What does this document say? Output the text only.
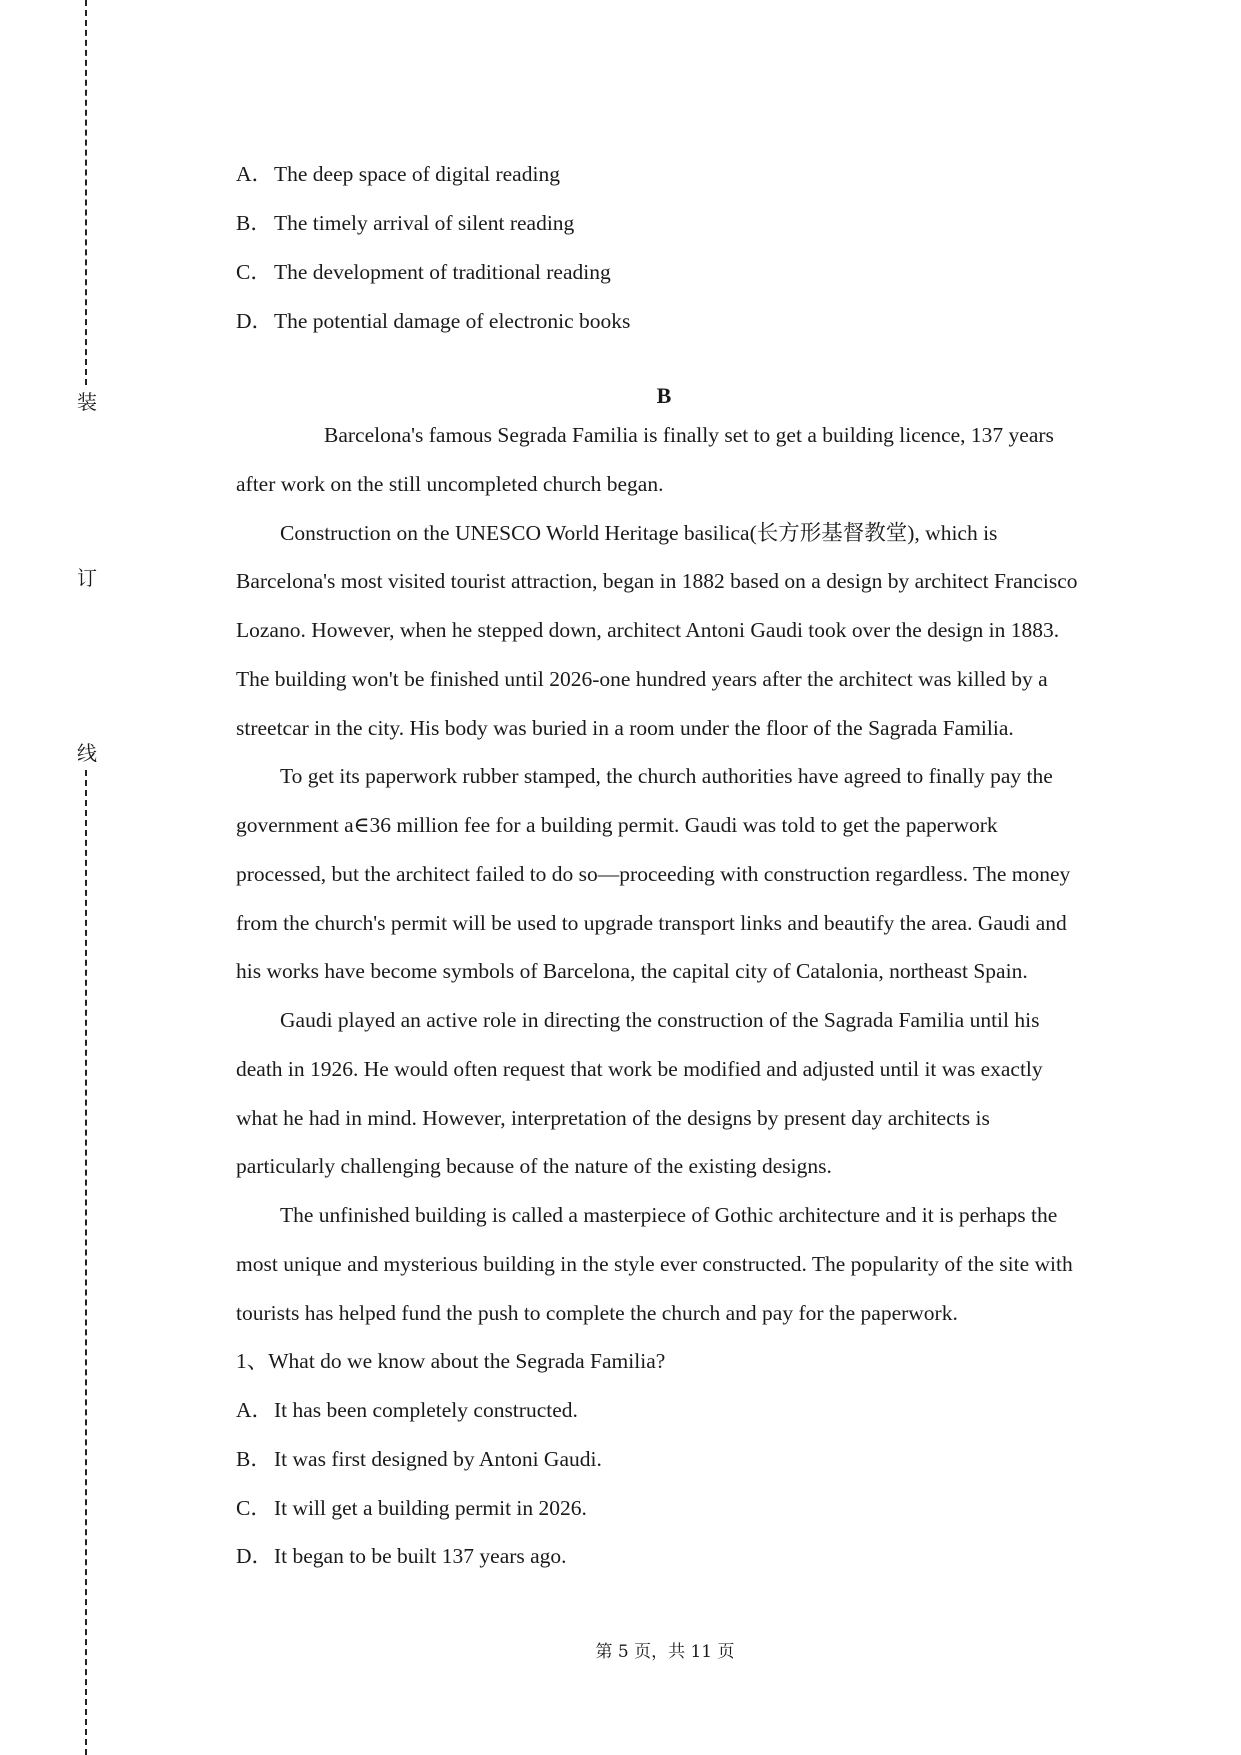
装
订
线
A．The deep space of digital reading
B． The timely arrival of silent reading
C． The development of traditional reading
D．The potential damage of electronic books
B
Barcelona's famous Segrada Familia is finally set to get a building licence, 137 years
after work on the still uncompleted church began.
Construction on the UNESCO World Heritage basilica(长方形基督教堂), which is
Barcelona's most visited tourist attraction, began in 1882 based on a design by architect Francisco
Lozano. However, when he stepped down, architect Antoni Gaudi took over the design in 1883.
The building won't be finished until 2026-one hundred years after the architect was killed by a
streetcar in the city. His body was buried in a room under the floor of the Sagrada Familia.
To get its paperwork rubber stamped, the church authorities have agreed to finally pay the
government a∈36 million fee for a building permit. Gaudi was told to get the paperwork
processed, but the architect failed to do so—proceeding with construction regardless. The money
from the church's permit will be used to upgrade transport links and beautify the area. Gaudi and
his works have become symbols of Barcelona, the capital city of Catalonia, northeast Spain.
Gaudi played an active role in directing the construction of the Sagrada Familia until his
death in 1926. He would often request that work be modified and adjusted until it was exactly
what he had in mind. However, interpretation of the designs by present day architects is
particularly challenging because of the nature of the existing designs.
The unfinished building is called a masterpiece of Gothic architecture and it is perhaps the
most unique and mysterious building in the style ever constructed. The popularity of the site with
tourists has helped fund the push to complete the church and pay for the paperwork.
1、What do we know about the Segrada Familia?
A．It has been completely constructed.
B． It was first designed by Antoni Gaudi.
C． It will get a building permit in 2026.
D．It began to be built 137 years ago.
第 5 页，共 11 页
